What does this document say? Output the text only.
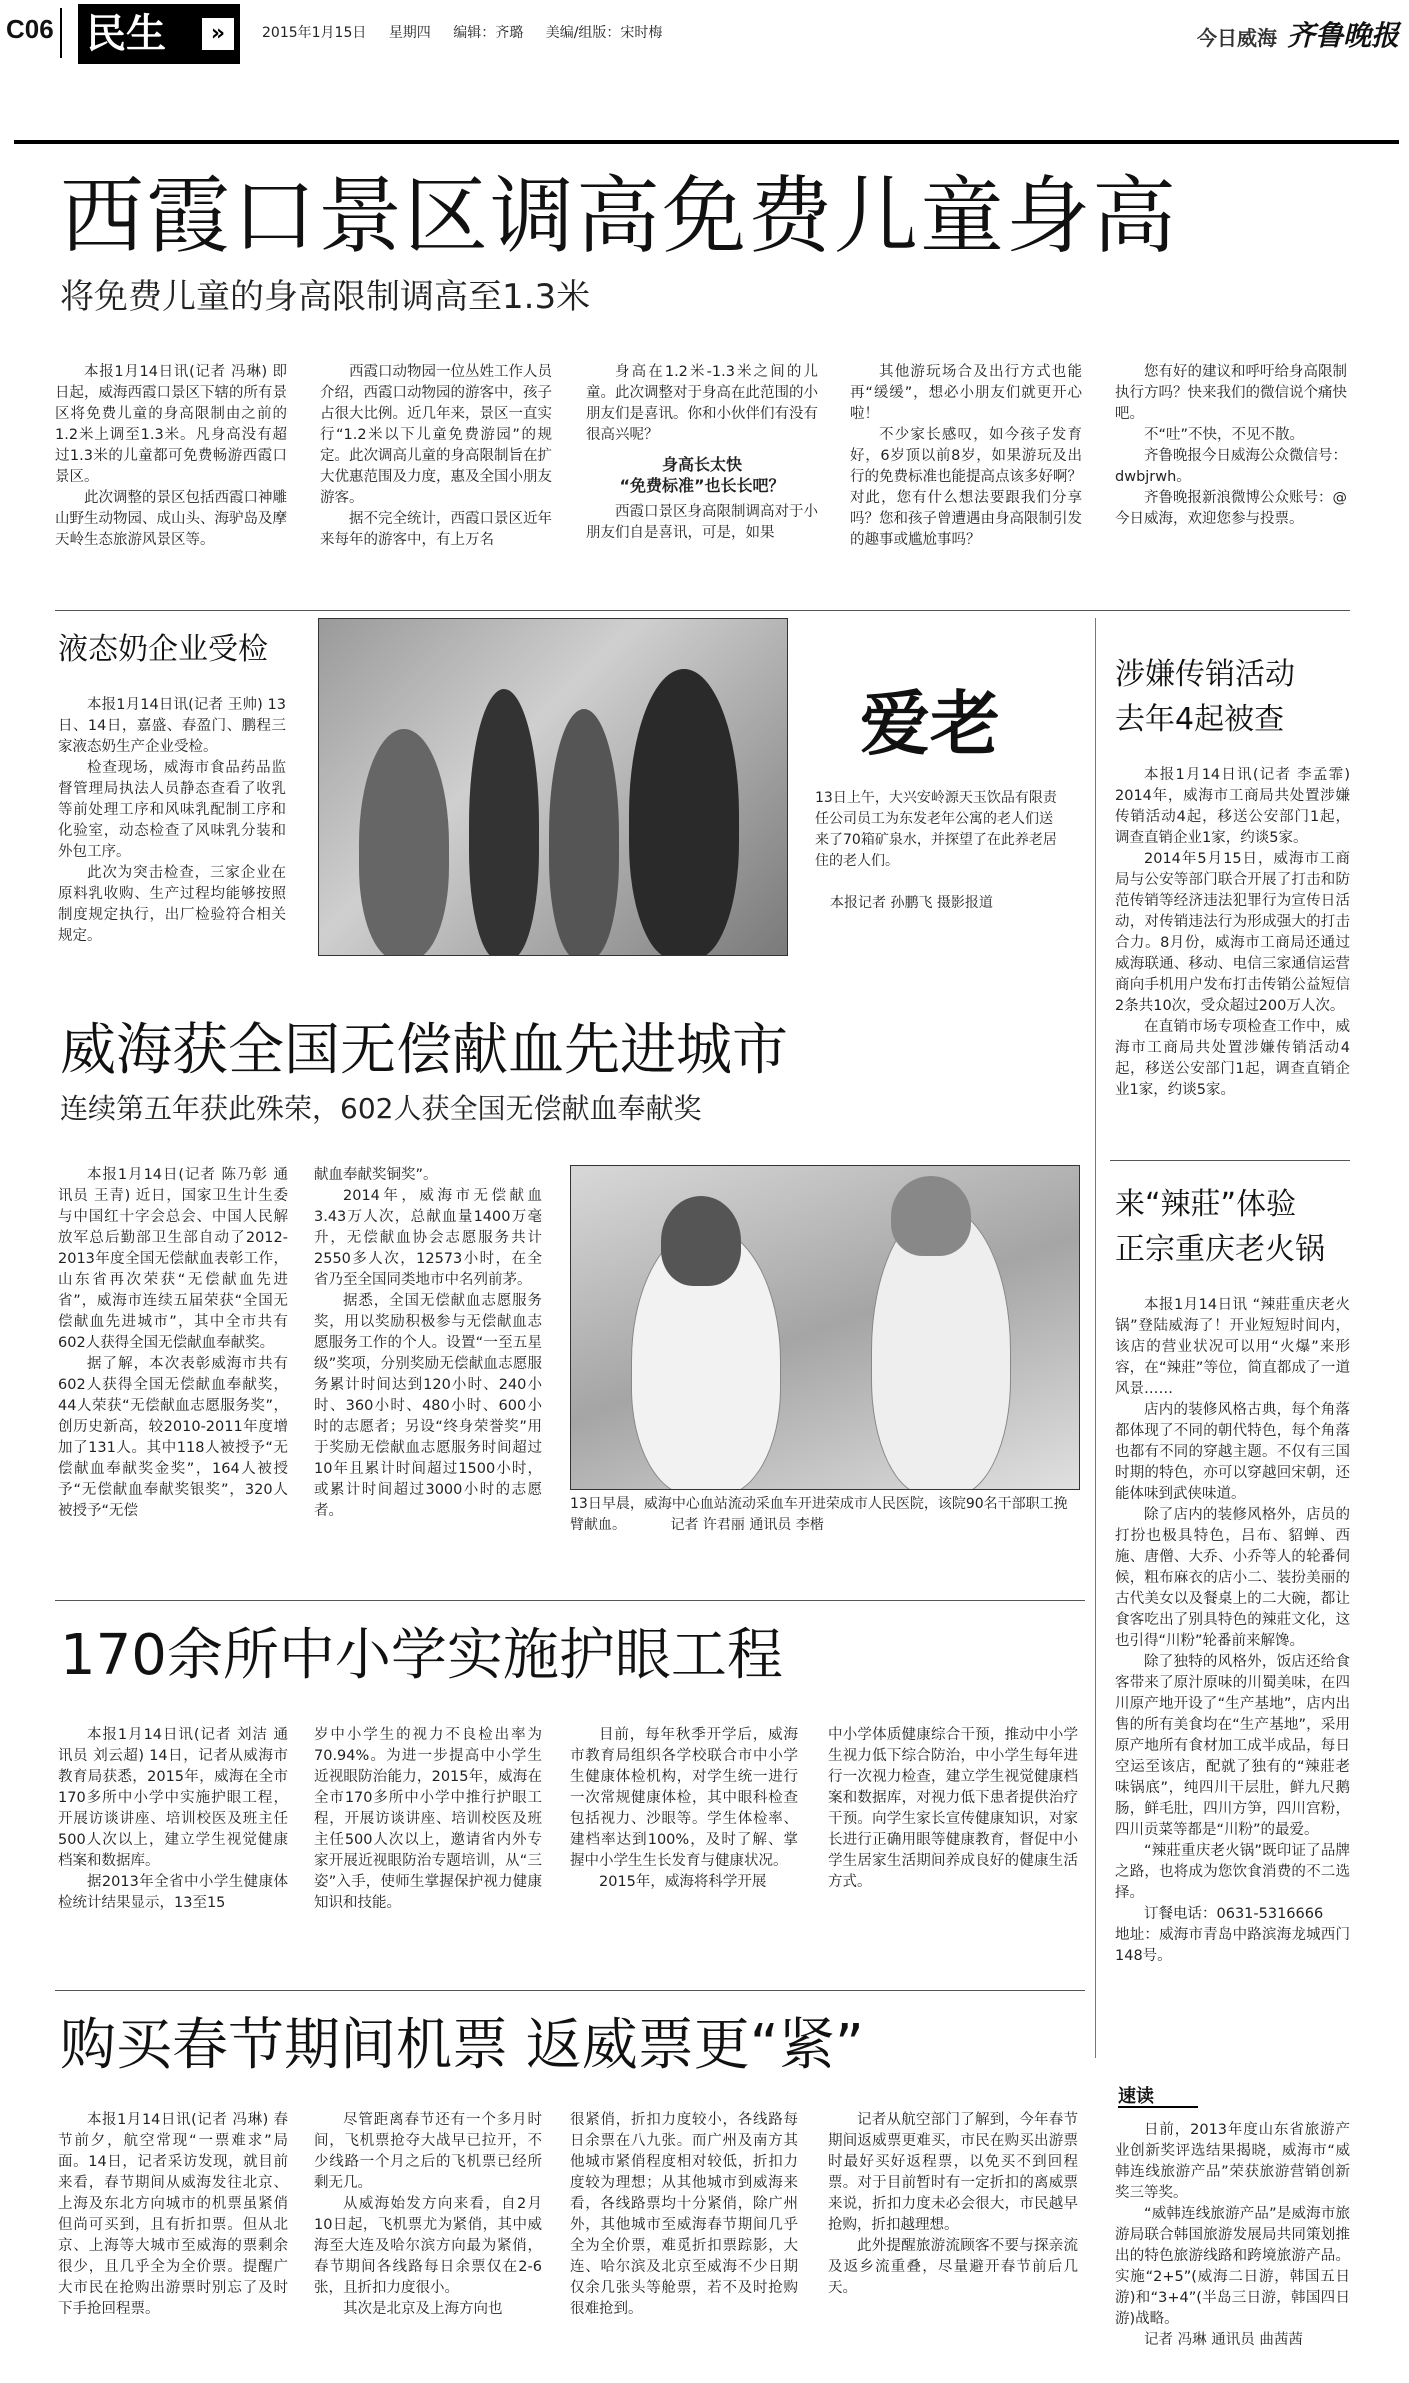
C06 民生	»	2015年1月15日 星期四 编辑：齐璐 美编/组版：宋时梅	今日威海 齐鲁晚报
西霞口景区调高免费儿童身高
将免费儿童的身高限制调高至1.3米

本报1月14日讯(记者 冯琳) 即日起，威海西霞口景区下辖的所有景区将免费儿童的身高限制由之前的1.2米上调至1.3米。凡身高没有超过1.3米的儿童都可免费畅游西霞口景区。

此次调整的景区包括西霞口神雕山野生动物园、成山头、海驴岛及摩天岭生态旅游风景区等。

西霞口动物园一位丛姓工作人员介绍，西霞口动物园的游客中，孩子占很大比例。近几年来，景区一直实行“1.2米以下儿童免费游园”的规定。此次调高儿童的身高限制旨在扩大优惠范围及力度，惠及全国小朋友游客。

据不完全统计，西霞口景区近年来每年的游客中，有上万名

身高在1.2米-1.3米之间的儿童。此次调整对于身高在此范围的小朋友们是喜讯。你和小伙伴们有没有很高兴呢？

身高长太快
“免费标准”也长长吧？

西霞口景区身高限制调高对于小朋友们自是喜讯，可是，如果

其他游玩场合及出行方式也能再“缓缓”，想必小朋友们就更开心啦！

不少家长感叹，如今孩子发育好，6岁顶以前8岁，如果游玩及出行的免费标准也能提高点该多好啊？对此，您有什么想法要跟我们分享吗？您和孩子曾遭遇由身高限制引发的趣事或尴尬事吗？

您有好的建议和呼吁给身高限制执行方吗？快来我们的微信说个痛快吧。

不“吐”不快，不见不散。

齐鲁晚报今日威海公众微信号：dwbjrwh。

齐鲁晚报新浪微博公众账号：@今日威海，欢迎您参与投票。

液态奶企业受检

本报1月14日讯(记者 王帅) 13日、14日，嘉盛、春盈门、鹏程三家液态奶生产企业受检。

检查现场，威海市食品药品监督管理局执法人员静态查看了收乳等前处理工序和风味乳配制工序和化验室，动态检查了风味乳分装和外包工序。

此次为突击检查，三家企业在原料乳收购、生产过程均能够按照制度规定执行，出厂检验符合相关规定。

爱老
13日上午，大兴安岭源天玉饮品有限责任公司员工为东发老年公寓的老人们送来了70箱矿泉水，并探望了在此养老居住的老人们。
本报记者 孙鹏飞 摄影报道
涉嫌传销活动
去年4起被查

本报1月14日讯(记者 李孟霏) 2014年，威海市工商局共处置涉嫌传销活动4起，移送公安部门1起，调查直销企业1家，约谈5家。

2014年5月15日，威海市工商局与公安等部门联合开展了打击和防范传销等经济违法犯罪行为宣传日活动，对传销违法行为形成强大的打击合力。8月份，威海市工商局还通过威海联通、移动、电信三家通信运营商向手机用户发布打击传销公益短信2条共10次，受众超过200万人次。

在直销市场专项检查工作中，威海市工商局共处置涉嫌传销活动4起，移送公安部门1起，调查直销企业1家，约谈5家。

威海获全国无偿献血先进城市
连续第五年获此殊荣，602人获全国无偿献血奉献奖

本报1月14日(记者 陈乃彰 通讯员 王青) 近日，国家卫生计生委与中国红十字会总会、中国人民解放军总后勤部卫生部自动了2012-2013年度全国无偿献血表彰工作，山东省再次荣获“无偿献血先进省”，威海市连续五届荣获“全国无偿献血先进城市”，其中全市共有602人获得全国无偿献血奉献奖。

据了解，本次表彰威海市共有602人获得全国无偿献血奉献奖，44人荣获“无偿献血志愿服务奖”，创历史新高，较2010-2011年度增加了131人。其中118人被授予“无偿献血奉献奖金奖”，164人被授予“无偿献血奉献奖银奖”，320人被授予“无偿

献血奉献奖铜奖”。

2014年，威海市无偿献血3.43万人次，总献血量1400万毫升，无偿献血协会志愿服务共计2550多人次，12573小时，在全省乃至全国同类地市中名列前茅。

据悉，全国无偿献血志愿服务奖，用以奖励积极参与无偿献血志愿服务工作的个人。设置“一至五星级”奖项，分别奖励无偿献血志愿服务累计时间达到120小时、240小时、360小时、480小时、600小时的志愿者；另设“终身荣誉奖”用于奖励无偿献血志愿服务时间超过10年且累计时间超过1500小时，或累计时间超过3000小时的志愿者。	13日早晨，威海中心血站流动采血车开进荣成市人民医院，该院90名干部职工挽臂献血。	记者 许君丽 通讯员 李楷
来“辣莊”体验
正宗重庆老火锅

本报1月14日讯 “辣莊重庆老火锅”登陆威海了！开业短短时间内，该店的营业状况可以用“火爆”来形容，在“辣莊”等位，简直都成了一道风景……

店内的装修风格古典，每个角落都体现了不同的朝代特色，每个角落也都有不同的穿越主题。不仅有三国时期的特色，亦可以穿越回宋朝，还能体味到武侠味道。

除了店内的装修风格外，店员的打扮也极具特色，吕布、貂蝉、西施、唐僧、大乔、小乔等人的轮番伺候，粗布麻衣的店小二、装扮美丽的古代美女以及餐桌上的二大碗，都让食客吃出了别具特色的辣莊文化，这也引得“川粉”轮番前来解馋。

除了独特的风格外，饭店还给食客带来了原汁原味的川蜀美味，在四川原产地开设了“生产基地”，店内出售的所有美食均在“生产基地”，采用原产地所有食材加工成半成品，每日空运至该店，配就了独有的“辣莊老味锅底”，纯四川干层肚，鲜九尺鹅肠，鲜毛肚，四川方笋，四川宫粉，四川贡菜等都是“川粉”的最爱。

“辣莊重庆老火锅”既印证了品牌之路，也将成为您饮食消费的不二选择。

订餐电话：0631-5316666

地址：威海市青岛中路滨海龙城西门148号。

170余所中小学实施护眼工程

本报1月14日讯(记者 刘洁 通讯员 刘云超) 14日，记者从威海市教育局获悉，2015年，威海在全市170多所中小学中实施护眼工程，开展访谈讲座、培训校医及班主任500人次以上，建立学生视觉健康档案和数据库。

据2013年全省中小学生健康体检统计结果显示，13至15

岁中小学生的视力不良检出率为70.94%。为进一步提高中小学生近视眼防治能力，2015年，威海在全市170多所中小学中推行护眼工程，开展访谈讲座、培训校医及班主任500人次以上，邀请省内外专家开展近视眼防治专题培训，从“三姿”入手，使师生掌握保护视力健康知识和技能。

目前，每年秋季开学后，威海市教育局组织各学校联合市中小学生健康体检机构，对学生统一进行一次常规健康体检，其中眼科检查包括视力、沙眼等。学生体检率、建档率达到100%，及时了解、掌握中小学生生长发育与健康状况。

2015年，威海将科学开展

中小学体质健康综合干预，推动中小学生视力低下综合防治，中小学生每年进行一次视力检查，建立学生视觉健康档案和数据库，对视力低下患者提供治疗干预。向学生家长宣传健康知识，对家长进行正确用眼等健康教育，督促中小学生居家生活期间养成良好的健康生活方式。

购买春节期间机票 返威票更“紧”

本报1月14日讯(记者 冯琳) 春节前夕，航空常现“一票难求”局面。14日，记者采访发现，就目前来看，春节期间从威海发往北京、上海及东北方向城市的机票虽紧俏但尚可买到，且有折扣票。但从北京、上海等大城市至威海的票剩余很少，且几乎全为全价票。提醒广大市民在抢购出游票时别忘了及时下手抢回程票。

尽管距离春节还有一个多月时间，飞机票抢夺大战早已拉开，不少线路一个月之后的飞机票已经所剩无几。

从威海始发方向来看，自2月10日起，飞机票尤为紧俏，其中威海至大连及哈尔滨方向最为紧俏，春节期间各线路每日余票仅在2-6张，且折扣力度很小。

其次是北京及上海方向也

很紧俏，折扣力度较小，各线路每日余票在八九张。而广州及南方其他城市紧俏程度相对较低，折扣力度较为理想；从其他城市到威海来看，各线路票均十分紧俏，除广州外，其他城市至威海春节期间几乎全为全价票，难觅折扣票踪影，大连、哈尔滨及北京至威海不少日期仅余几张头等舱票，若不及时抢购很难抢到。

记者从航空部门了解到，今年春节期间返威票更难买，市民在购买出游票时最好买好返程票，以免买不到回程票。对于目前暂时有一定折扣的离威票来说，折扣力度未必会很大，市民越早抢购，折扣越理想。

此外提醒旅游流顾客不要与探亲流及返乡流重叠，尽量避开春节前后几天。

速读

日前，2013年度山东省旅游产业创新奖评选结果揭晓，威海市“威韩连线旅游产品”荣获旅游营销创新奖三等奖。

“威韩连线旅游产品”是威海市旅游局联合韩国旅游发展局共同策划推出的特色旅游线路和跨境旅游产品。实施“2+5”(威海二日游，韩国五日游)和“3+4”(半岛三日游，韩国四日游)战略。

记者 冯琳 通讯员 曲茜茜
